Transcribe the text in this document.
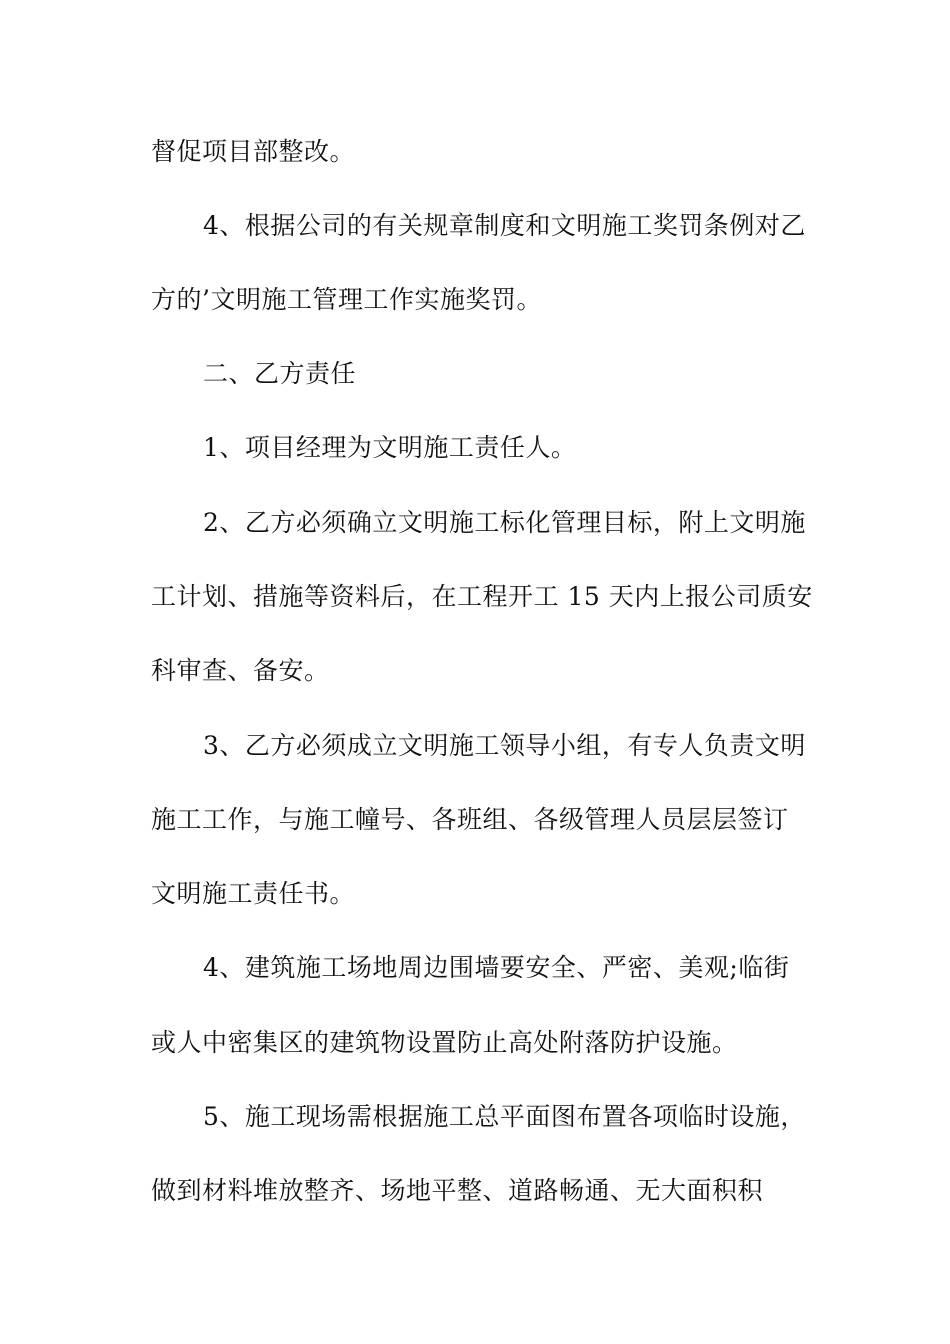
督促项目部整改。
4、根据公司的有关规章制度和文明施工奖罚条例对乙
方的’文明施工管理工作实施奖罚。
二、乙方责任
1、项目经理为文明施工责任人。
2、乙方必须确立文明施工标化管理目标，附上文明施
工计划、措施等资料后，在工程开工 15 天内上报公司质安
科审查、备安。
3、乙方必须成立文明施工领导小组，有专人负责文明
施工工作，与施工幢号、各班组、各级管理人员层层签订
文明施工责任书。
4、建筑施工场地周边围墙要安全、严密、美观;临街
或人中密集区的建筑物设置防止高处附落防护设施。
5、施工现场需根据施工总平面图布置各项临时设施，
做到材料堆放整齐、场地平整、道路畅通、无大面积积
